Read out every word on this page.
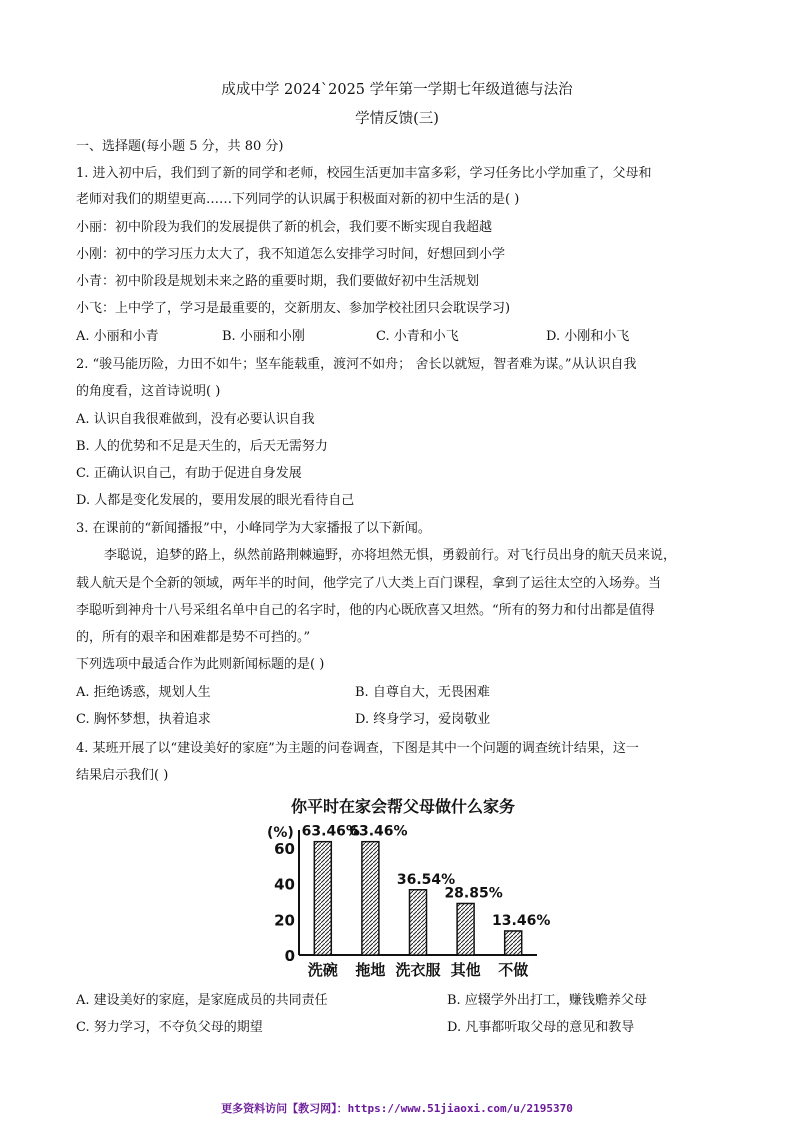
成成中学 2024`2025 学年第一学期七年级道德与法治
学情反馈(三)
一、选择题(每小题 5 分，共 80 分)
1. 进入初中后，我们到了新的同学和老师，校园生活更加丰富多彩，学习任务比小学加重了，父母和
老师对我们的期望更高……下列同学的认识属于积极面对新的初中生活的是( )
小丽：初中阶段为我们的发展提供了新的机会，我们要不断实现自我超越
小刚：初中的学习压力太大了，我不知道怎么安排学习时间，好想回到小学
小青：初中阶段是规划未来之路的重要时期，我们要做好初中生活规划
小飞：上中学了，学习是最重要的，交新朋友、参加学校社团只会耽误学习)
A. 小丽和小青	B. 小丽和小刚	C. 小青和小飞	D. 小刚和小飞
2. “骏马能历险，力田不如牛；坚车能载重，渡河不如舟； 舍长以就短，智者难为谋。”从认识自我
的角度看，这首诗说明( )
A. 认识自我很难做到，没有必要认识自我
B. 人的优势和不足是天生的，后天无需努力
C. 正确认识自己，有助于促进自身发展
D. 人都是变化发展的，要用发展的眼光看待自己
3. 在课前的“新闻播报”中，小峰同学为大家播报了以下新闻。
李聪说，追梦的路上，纵然前路荆棘遍野，亦将坦然无惧，勇毅前行。对飞行员出身的航天员来说，
载人航天是个全新的领域，两年半的时间，他学完了八大类上百门课程，拿到了运往太空的入场券。当
李聪听到神舟十八号采组名单中自己的名字时，他的内心既欣喜又坦然。“所有的努力和付出都是值得
的，所有的艰辛和困难都是势不可挡的。”
下列选项中最适合作为此则新闻标题的是( )
A. 拒绝诱惑，规划人生	B. 自尊自大，无畏困难
C. 胸怀梦想，执着追求	D. 终身学习，爱岗敬业
4. 某班开展了以“建设美好的家庭”为主题的问卷调查，下图是其中一个问题的调查统计结果，这一
结果启示我们( )
你平时在家会帮父母做什么家务
(%)
60
40
20
0
63.46%
洗碗
63.46%
拖地
36.54%
洗衣服
28.85%
其他
13.46%
不做
A. 建设美好的家庭，是家庭成员的共同责任	B. 应辍学外出打工，赚钱赡养父母
C. 努力学习，不夺负父母的期望	D. 凡事都听取父母的意见和教导
更多资料访问【教习网】：https://www.51jiaoxi.com/u/2195370
